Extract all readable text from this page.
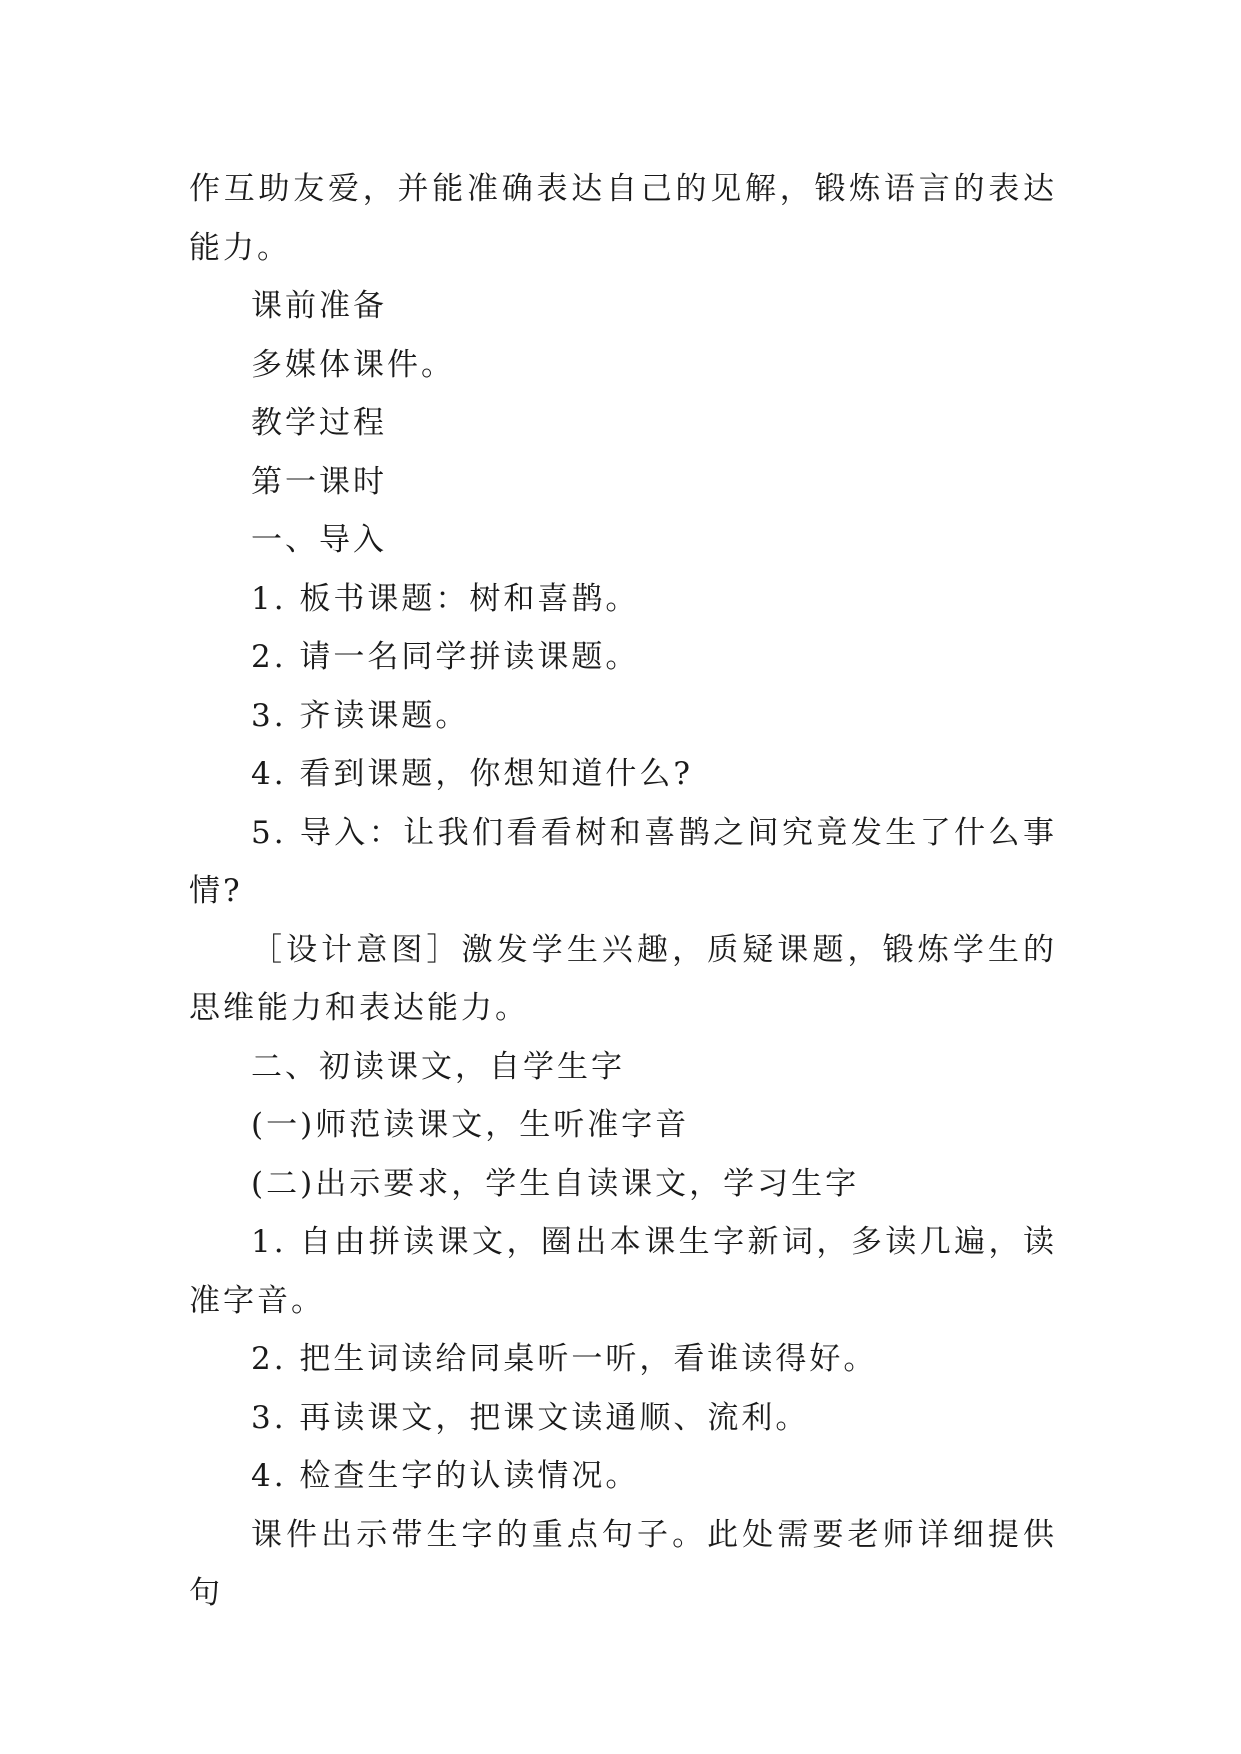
作互助友爱，并能准确表达自己的见解，锻炼语言的表达能力。

课前准备

多媒体课件。

教学过程

第一课时

一、导入

1. 板书课题：树和喜鹊。

2. 请一名同学拼读课题。

3. 齐读课题。

4. 看到课题，你想知道什么?

5. 导入：让我们看看树和喜鹊之间究竟发生了什么事情?

［设计意图］激发学生兴趣，质疑课题，锻炼学生的思维能力和表达能力。

二、初读课文，自学生字

(一)师范读课文，生听准字音

(二)出示要求，学生自读课文，学习生字

1. 自由拼读课文，圈出本课生字新词，多读几遍，读准字音。

2. 把生词读给同桌听一听，看谁读得好。

3. 再读课文，把课文读通顺、流利。

4. 检查生字的认读情况。

课件出示带生字的重点句子。此处需要老师详细提供句
